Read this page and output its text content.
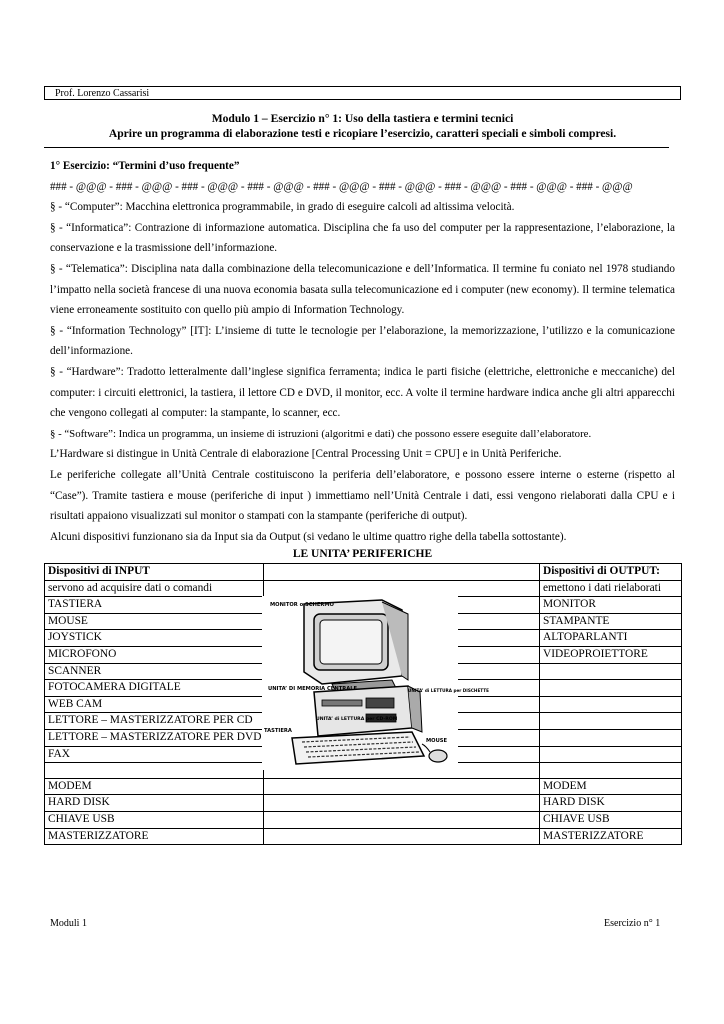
Prof. Lorenzo Cassarisi
Modulo 1 – Esercizio n° 1: Uso della tastiera e termini tecnici
Aprire un programma di elaborazione testi e ricopiare l’esercizio, caratteri speciali e simboli compresi.

1° Esercizio: “Termini d’uso frequente”

### - @@@ - ### - @@@ - ### - @@@ - ### - @@@ - ### - @@@ - ### - @@@ - ### - @@@ - ### - @@@ - ### - @@@

§ - “Computer”: Macchina elettronica programmabile, in grado di eseguire calcoli ad altissima velocità.

§ - “Informatica”: Contrazione di informazione automatica. Disciplina che fa uso del computer per la rappresentazione, l’elaborazione, la conservazione e la trasmissione dell’informazione.

§ - “Telematica”: Disciplina nata dalla combinazione della telecomunicazione e dell’Informatica. Il termine fu coniato nel 1978 studiando l’impatto nella società francese di una nuova economia basata sulla telecomunicazione ed i computer (new economy). Il termine telematica viene erroneamente sostituito con quello più ampio di Information Technology.

§ - “Information Technology” [IT]: L’insieme di tutte le tecnologie per l’elaborazione, la memorizzazione, l’utilizzo e la comunicazione dell’informazione.

§ - “Hardware”: Tradotto letteralmente dall’inglese significa ferramenta; indica le parti fisiche (elettriche, elettroniche e meccaniche) del computer: i circuiti elettronici, la tastiera, il lettore CD e DVD, il monitor, ecc. A volte il termine hardware indica anche gli altri apparecchi che vengono collegati al computer: la stampante, lo scanner, ecc.

§ - “Software”: Indica un programma, un insieme di istruzioni (algoritmi e dati) che possono essere eseguite dall’elaboratore.

L’Hardware si distingue in Unità Centrale di elaborazione [Central Processing Unit = CPU] e in Unità Periferiche.

Le periferiche collegate all’Unità Centrale costituiscono la periferia dell’elaboratore, e possono essere interne o esterne (rispetto al “Case”). Tramite tastiera e mouse (periferiche di input ) immettiamo nell’Unità Centrale i dati, essi vengono rielaborati dalla CPU e i risultati appaiono visualizzati sul monitor o stampati con la stampante (periferiche di output).

Alcuni dispositivi funzionano sia da Input sia da Output (si vedano le ultime quattro righe della tabella sottostante).

LE UNITA’ PERIFERICHE
Dispositivi di INPUT		Dispositivi di OUTPUT:
servono ad acquisire dati o comandi		emettono i dati rielaborati
TASTIERA		MONITOR
MOUSE		STAMPANTE
JOYSTICK		ALTOPARLANTI
MICROFONO		VIDEOPROIETTORE
SCANNER		
FOTOCAMERA DIGITALE		
WEB CAM		
LETTORE – MASTERIZZATORE PER CD		
LETTORE – MASTERIZZATORE PER DVD		
FAX		

MODEM		MODEM
HARD DISK		HARD DISK
CHIAVE USB		CHIAVE USB
MASTERIZZATORE		MASTERIZZATORE
MONITOR o SCHERMO
UNITA’ DI MEMORIA CENTRALE
TASTIERA
UNITA’ di LETTURA per CD-ROM
UNITA’ di LETTURA per DISCHETTE
MOUSE
Moduli 1	Esercizio n° 1
